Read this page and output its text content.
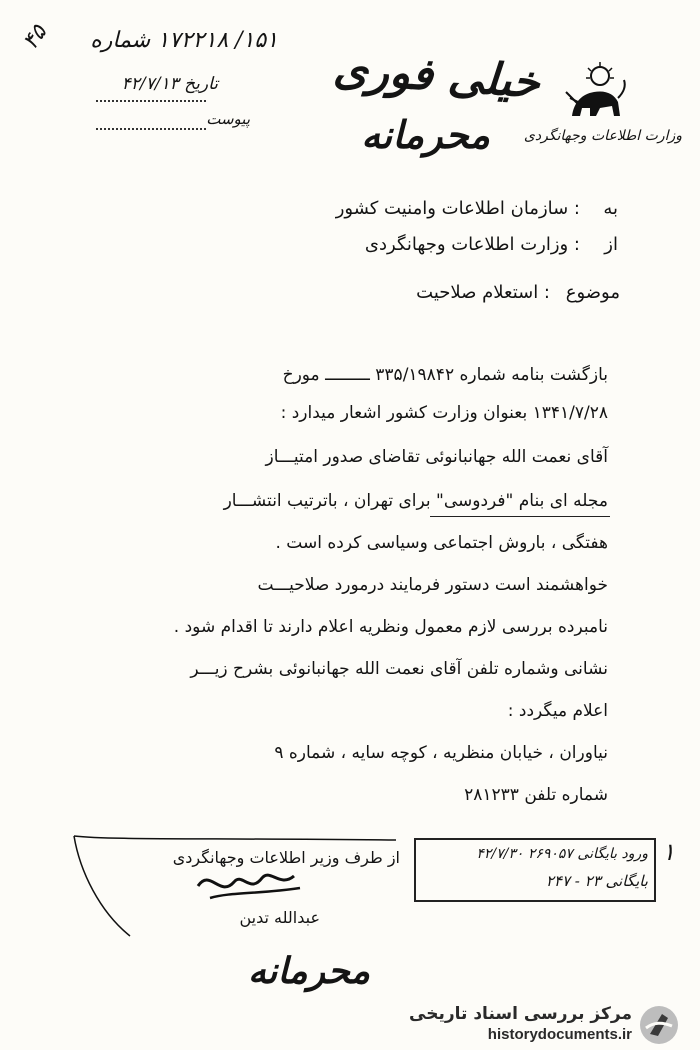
۴۵	۱۵۱/ ۱۷۲۲۱۸ شماره
تاریخ ۴۲/۷/۱۳
پیوست
خیلی فوری
محرمانه	وزارت اطلاعات وجهانگردی
به
: سازمان اطلاعات وامنیت کشور
از
: وزارت اطلاعات وجهانگردی
موضوع
: استعلام صلاحیت
بازگشت بنامه شماره ۳۳۵/۱۹۸۴۲ ـــــــــ مورخ
۱۳۴۱/۷/۲۸ بعنوان وزارت کشور اشعار میدارد :
آقای نعمت الله جهانبانوئی تقاضای صدور امتیـــاز
مجله ای بنام "فردوسی" برای تهران ، باترتیب انتشـــار
هفتگی ، باروش اجتماعی وسیاسی کرده است .
خواهشمند است دستور فرمایند درمورد صلاحیـــت
نامبرده بررسی لازم معمول ونظریه اعلام دارند تا اقدام شود .
نشانی وشماره تلفن آقای نعمت الله جهانبانوئی بشرح زیـــر
اعلام میگردد :
نیاوران ، خیابان منظریه ، کوچه سایه ، شماره ۹
شماره تلفن ۲۸۱۲۳۳
از طرف وزیر اطلاعات وجهانگردی
عبدالله تدین
ورود بایگانی ۲۶۹۰۵۷ ۴۲/۷/۳۰
بایگانی ۲۳ - ۲۴۷
۱
محرمانه
مرکز بررسی اسناد تاریخی
historydocuments.ir
